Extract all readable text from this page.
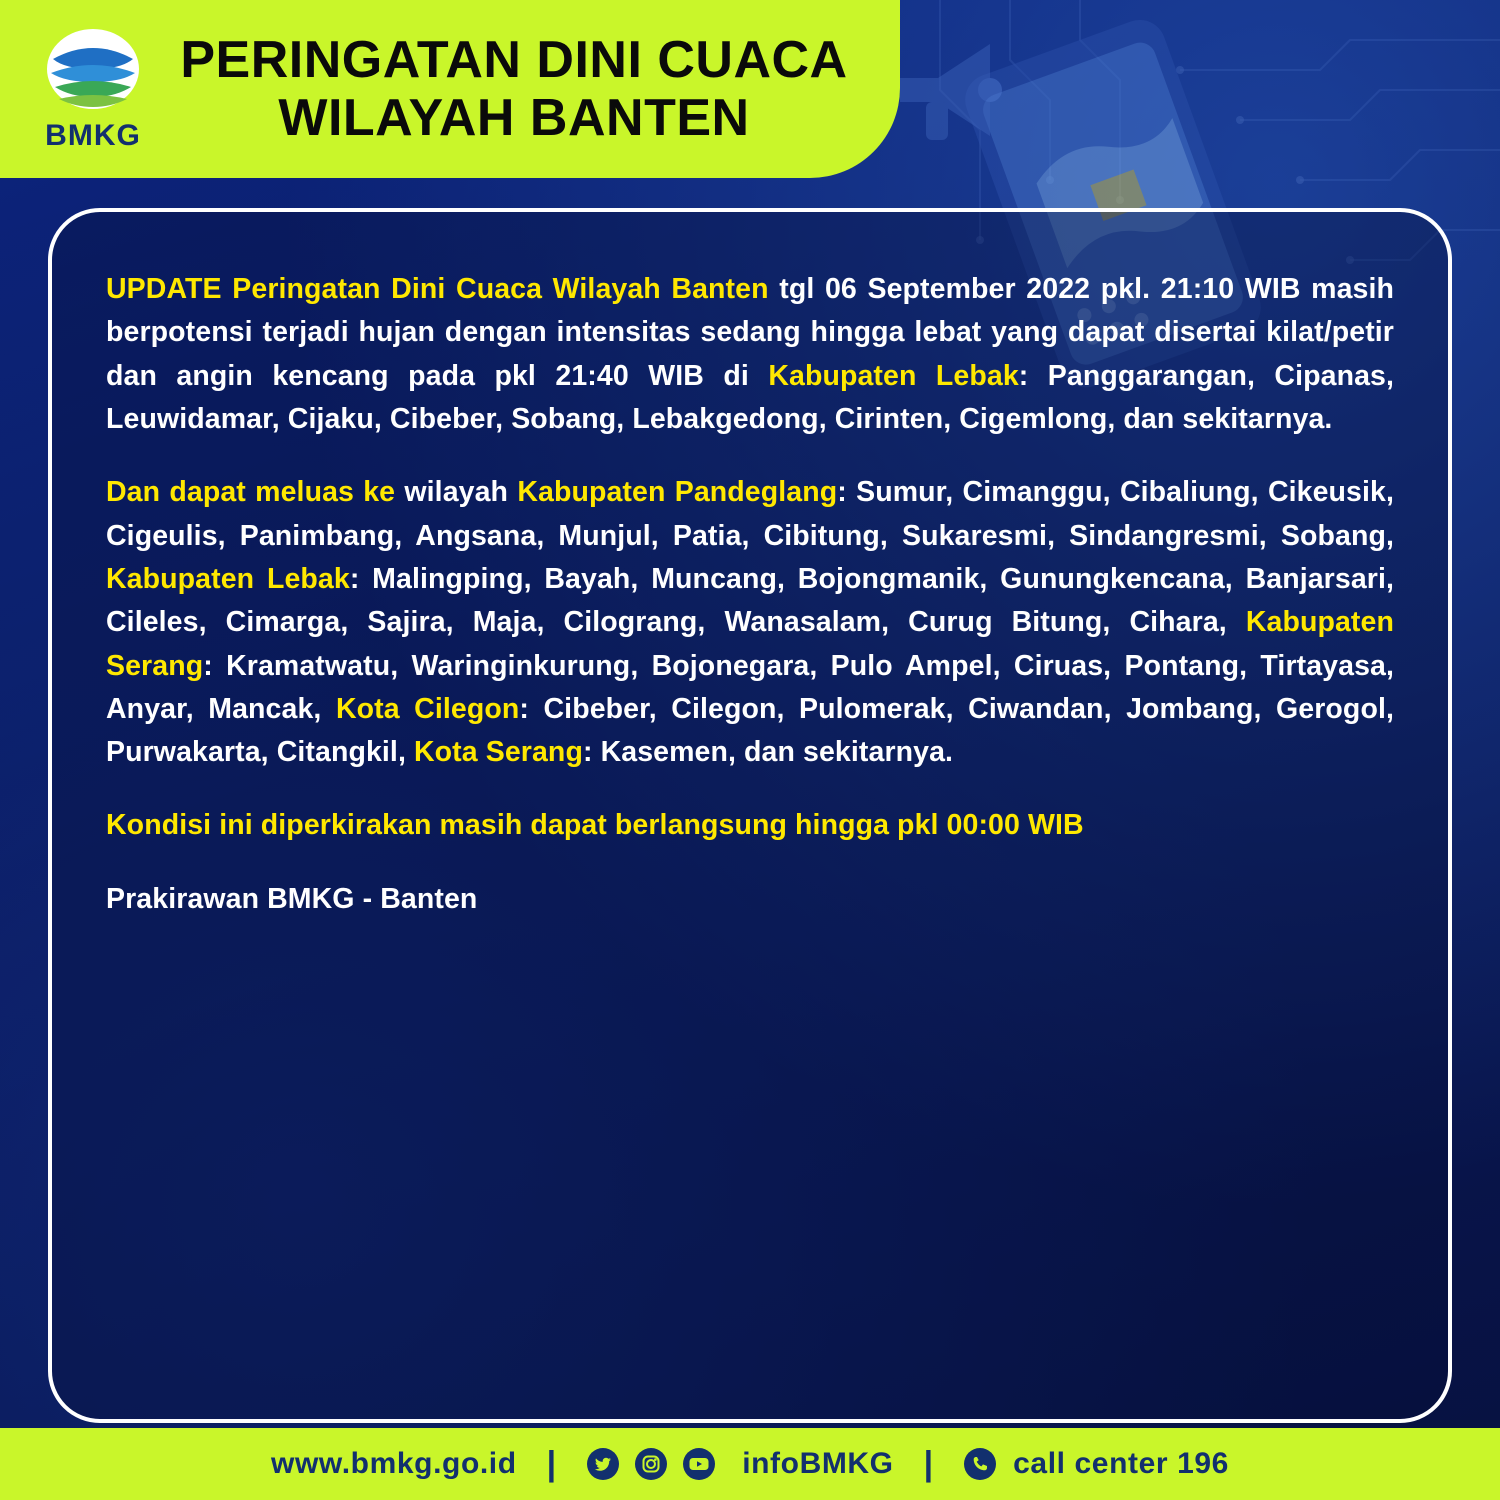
BMKG
PERINGATAN DINI CUACA
WILAYAH BANTEN
UPDATE Peringatan Dini Cuaca Wilayah Banten tgl 06 September 2022 pkl. 21:10 WIB masih berpotensi terjadi hujan dengan intensitas sedang hingga lebat yang dapat disertai kilat/petir dan angin kencang pada pkl 21:40 WIB di Kabupaten Lebak: Panggarangan, Cipanas, Leuwidamar, Cijaku, Cibeber, Sobang, Lebakgedong, Cirinten, Cigemlong, dan sekitarnya.
Dan dapat meluas ke wilayah Kabupaten Pandeglang: Sumur, Cimanggu, Cibaliung, Cikeusik, Cigeulis, Panimbang, Angsana, Munjul, Patia, Cibitung, Sukaresmi, Sindangresmi, Sobang, Kabupaten Lebak: Malingping, Bayah, Muncang, Bojongmanik, Gunungkencana, Banjarsari, Cileles, Cimarga, Sajira, Maja, Cilograng, Wanasalam, Curug Bitung, Cihara, Kabupaten Serang: Kramatwatu, Waringinkurung, Bojonegara, Pulo Ampel, Ciruas, Pontang, Tirtayasa, Anyar, Mancak, Kota Cilegon: Cibeber, Cilegon, Pulomerak, Ciwandan, Jombang, Gerogol, Purwakarta, Citangkil, Kota Serang: Kasemen, dan sekitarnya.
Kondisi ini diperkirakan masih dapat berlangsung hingga pkl 00:00 WIB
Prakirawan BMKG - Banten
www.bmkg.go.id |	infoBMKG |	call center 196
